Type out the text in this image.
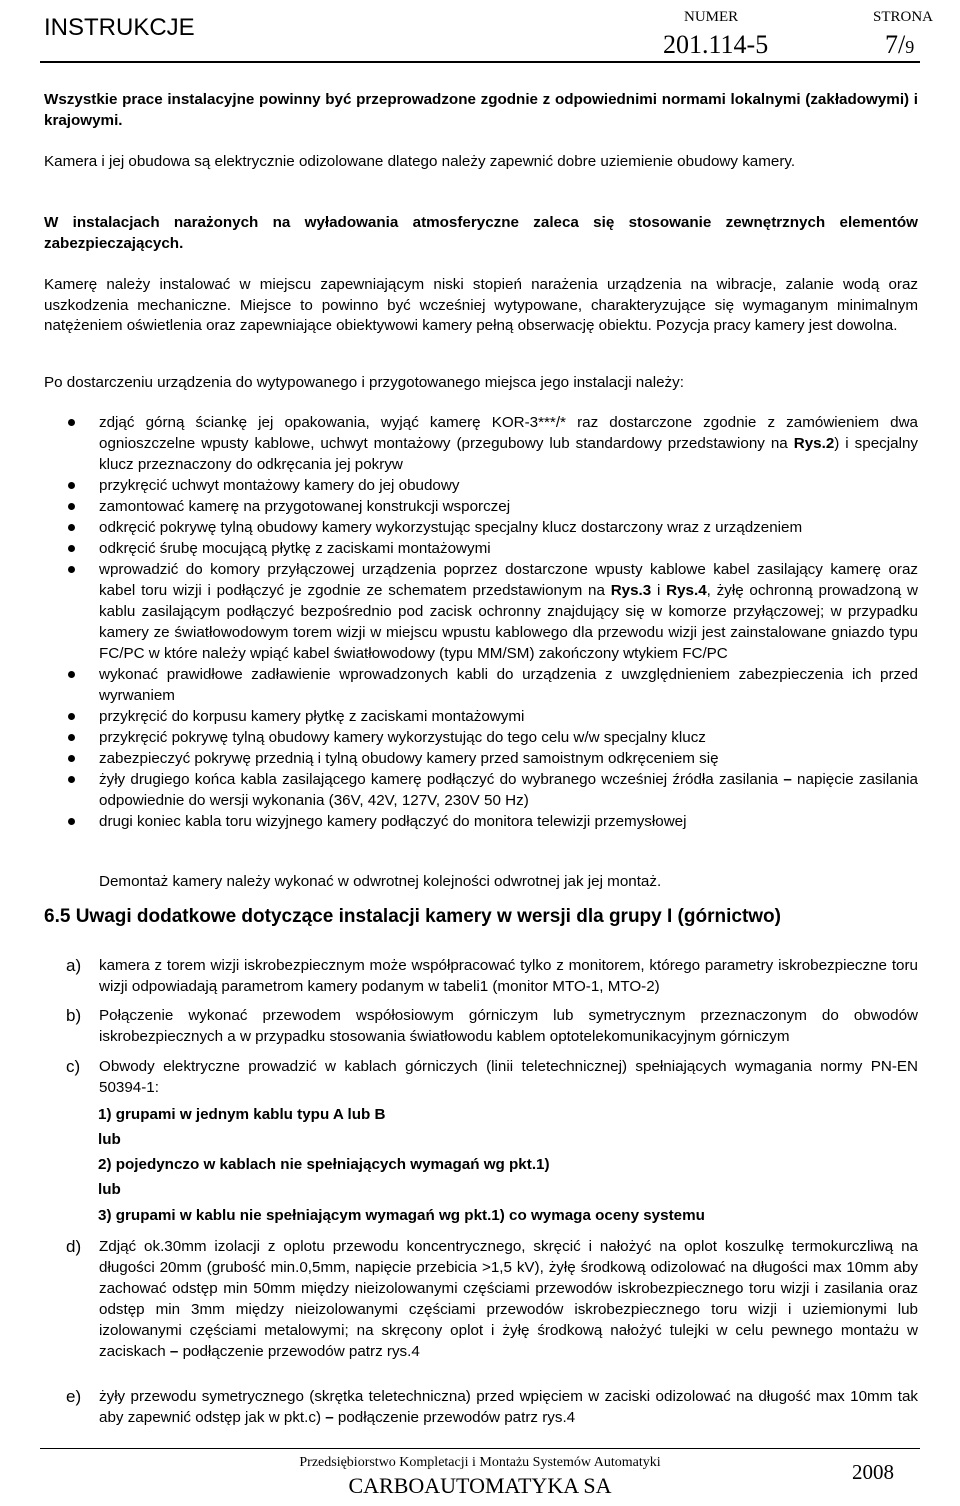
INSTRUKCJE	NUMER
201.114-5
STRONA
7/9
Wszystkie prace instalacyjne powinny być przeprowadzone zgodnie z odpowiednimi normami lokalnymi (zakładowymi) i krajowymi.
Kamera i jej obudowa są elektrycznie odizolowane dlatego należy zapewnić dobre uziemienie obudowy kamery.
W instalacjach narażonych na wyładowania atmosferyczne zaleca się stosowanie zewnętrznych elementów zabezpieczających.
Kamerę należy instalować w miejscu zapewniającym niski stopień narażenia urządzenia na wibracje, zalanie wodą oraz uszkodzenia mechaniczne. Miejsce to powinno być wcześniej wytypowane, charakteryzujące się wymaganym minimalnym natężeniem oświetlenia oraz zapewniające obiektywowi kamery pełną obserwację obiektu. Pozycja pracy kamery jest dowolna.
Po dostarczeniu urządzenia do wytypowanego i przygotowanego miejsca jego instalacji należy:
zdjąć górną ściankę jej opakowania, wyjąć kamerę KOR-3***/* raz dostarczone zgodnie z zamówieniem dwa ognioszczelne wpusty kablowe, uchwyt montażowy (przegubowy lub standardowy przedstawiony na Rys.2) i specjalny klucz przeznaczony do odkręcania jej pokryw
przykręcić uchwyt montażowy kamery do jej obudowy
zamontować kamerę na przygotowanej konstrukcji wsporczej
odkręcić pokrywę tylną obudowy kamery wykorzystując specjalny klucz dostarczony wraz z urządzeniem
odkręcić śrubę mocującą płytkę z zaciskami montażowymi
wprowadzić do komory przyłączowej urządzenia poprzez dostarczone wpusty kablowe kabel zasilający kamerę oraz kabel toru wizji i podłączyć je zgodnie ze schematem przedstawionym na Rys.3 i Rys.4, żyłę ochronną prowadzoną w kablu zasilającym podłączyć bezpośrednio pod zacisk ochronny znajdujący się w komorze przyłączowej; w przypadku kamery ze światłowodowym torem wizji w miejscu wpustu kablowego dla przewodu wizji jest zainstalowane gniazdo typu FC/PC w które należy wpiąć kabel światłowodowy (typu MM/SM) zakończony wtykiem FC/PC
wykonać prawidłowe zadławienie wprowadzonych kabli do urządzenia z uwzględnieniem zabezpieczenia ich przed wyrwaniem
przykręcić do korpusu kamery płytkę z zaciskami montażowymi
przykręcić pokrywę tylną obudowy kamery wykorzystując do tego celu w/w specjalny klucz
zabezpieczyć pokrywę przednią i tylną obudowy kamery przed samoistnym odkręceniem się
żyły drugiego końca kabla zasilającego kamerę podłączyć do wybranego wcześniej źródła zasilania – napięcie zasilania odpowiednie do wersji wykonania (36V, 42V, 127V, 230V 50 Hz)
drugi koniec kabla toru wizyjnego kamery podłączyć do monitora telewizji przemysłowej
Demontaż kamery należy wykonać w odwrotnej kolejności odwrotnej jak jej montaż.
6.5 Uwagi dodatkowe dotyczące instalacji kamery w wersji dla grupy I (górnictwo)
a) kamera z torem wizji iskrobezpiecznym może współpracować tylko z monitorem, którego parametry iskrobezpieczne toru wizji odpowiadają parametrom kamery podanym w tabeli1 (monitor MTO-1, MTO-2)
b) Połączenie wykonać przewodem współosiowym górniczym lub symetrycznym przeznaczonym do obwodów iskrobezpiecznych a w przypadku stosowania światłowodu kablem optotelekomunikacyjnym górniczym
c) Obwody elektryczne prowadzić w kablach górniczych (linii teletechnicznej) spełniających wymagania normy PN-EN 50394-1:
1) grupami w jednym kablu typu A lub B
lub
2) pojedynczo w kablach nie spełniających wymagań wg pkt.1)
lub
3) grupami w kablu nie spełniającym wymagań wg pkt.1) co wymaga oceny systemu
d) Zdjąć ok.30mm izolacji z oplotu przewodu koncentrycznego, skręcić i nałożyć na oplot koszulkę termokurczliwą na długości 20mm (grubość min.0,5mm, napięcie przebicia >1,5 kV), żyłę środkową odizolować na długości max 10mm aby zachować odstęp min 50mm między nieizolowanymi częściami przewodów iskrobezpiecznego toru wizji i zasilania oraz odstęp min 3mm między nieizolowanymi częściami przewodów iskrobezpiecznego toru wizji i uziemionymi lub izolowanymi częściami metalowymi; na skręcony oplot i żyłę środkową nałożyć tulejki w celu pewnego montażu w zaciskach – podłączenie przewodów patrz rys.4
e) żyły przewodu symetrycznego (skrętka teletechniczna) przed wpięciem w zaciski odizolować na długość max 10mm tak aby zapewnić odstęp jak w pkt.c) – podłączenie przewodów patrz rys.4
Przedsiębiorstwo Kompletacji i Montażu Systemów Automatyki
CARBOAUTOMATYKA SA
2008
